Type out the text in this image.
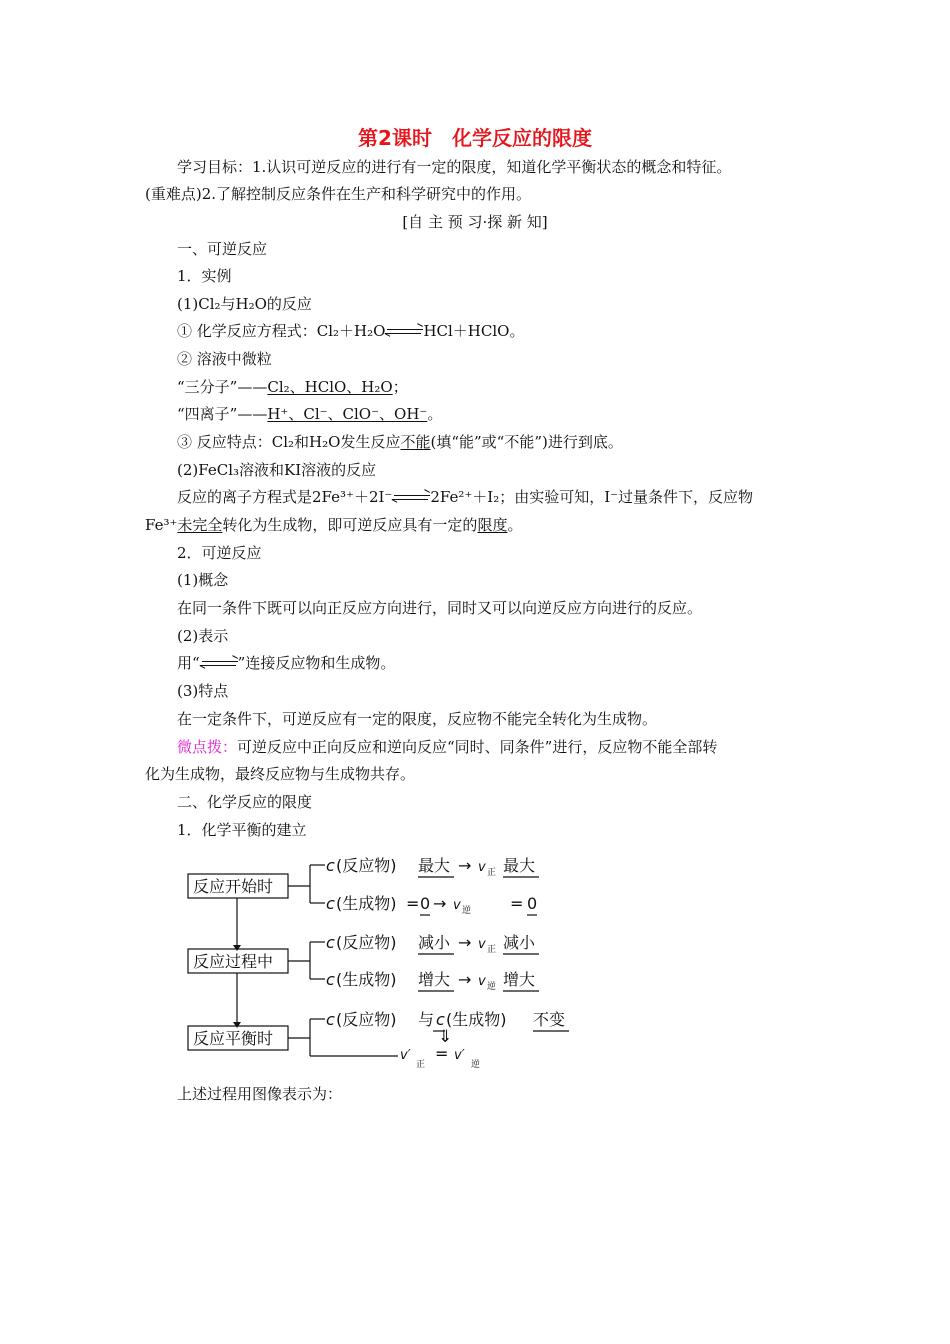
第2课时　化学反应的限度
学习目标：1.认识可逆反应的进行有一定的限度，知道化学平衡状态的概念和特征。
(重难点)2.了解控制反应条件在生产和科学研究中的作用。
[自 主 预 习·探 新 知]
一、可逆反应
1．实例
(1)Cl₂与H₂O的反应
① 化学反应方程式：Cl₂＋H₂O	HCl＋HClO。
② 溶液中微粒
“三分子”——Cl₂、HClO、H₂O；
“四离子”——H⁺、Cl⁻、ClO⁻、OH⁻。
③ 反应特点：Cl₂和H₂O发生反应不能(填“能”或“不能”)进行到底。
(2)FeCl₃溶液和KI溶液的反应
反应的离子方程式是2Fe³⁺＋2I⁻	2Fe²⁺＋I₂；由实验可知，I⁻过量条件下，反应物
Fe³⁺未完全转化为生成物，即可逆反应具有一定的限度。
2．可逆反应
(1)概念
在同一条件下既可以向正反应方向进行，同时又可以向逆反应方向进行的反应。
(2)表示
用“	”连接反应物和生成物。
(3)特点
在一定条件下，可逆反应有一定的限度，反应物不能完全转化为生成物。
微点拨：可逆反应中正向反应和逆向反应“同时、同条件”进行，反应物不能全部转
化为生成物，最终反应物与生成物共存。
二、化学反应的限度
1．化学平衡的建立
反应开始时
反应过程中
反应平衡时
c (反应物) 最大 → v 正 最大
c (生成物) = 0 → v 逆 = 0
c (反应物) 减小 → v 正 减小
c (生成物) 增大 → v 逆 增大
c (反应物) 与 c (生成物) 不变
⇓
v′
正
= v′
逆
上述过程用图像表示为：
